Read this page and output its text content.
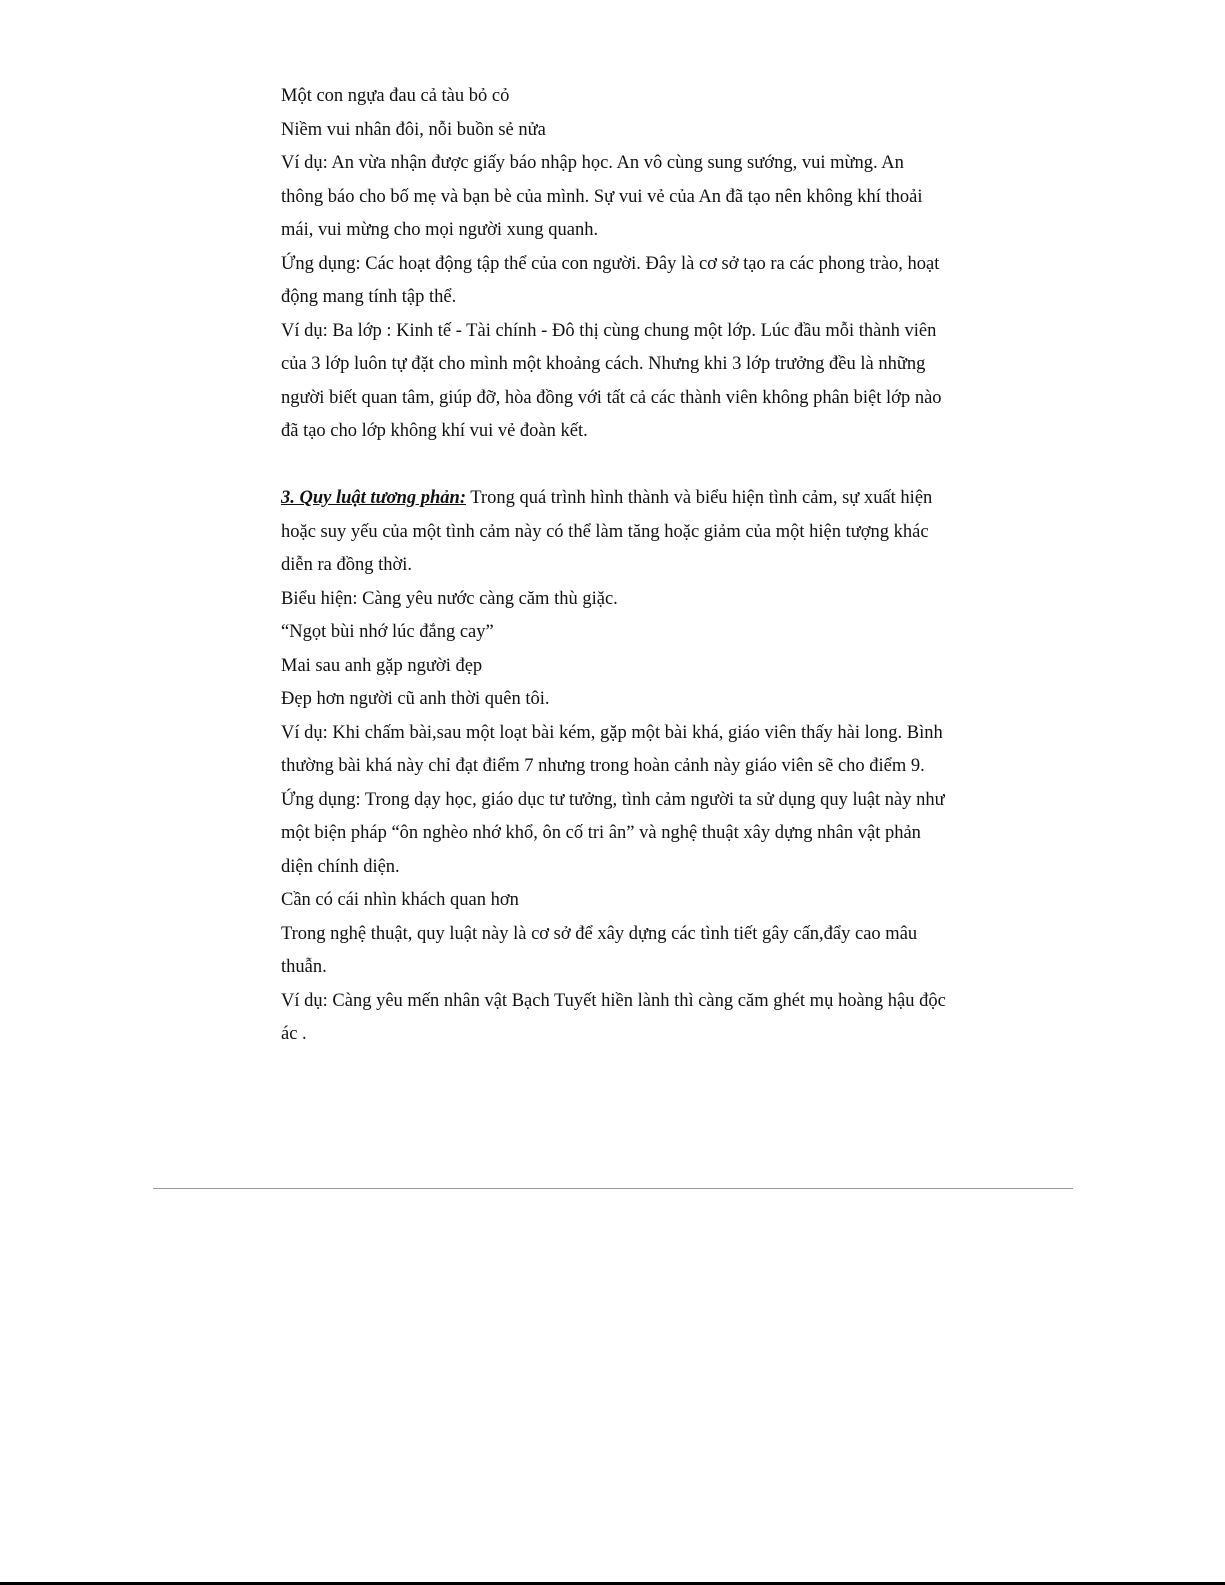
Một con ngựa đau cả tàu bỏ cỏ
Niềm vui nhân đôi, nỗi buồn sẻ nửa
Ví dụ: An vừa nhận được giấy báo nhập học. An vô cùng sung sướng, vui mừng. An
thông báo cho bố mẹ và bạn bè của mình. Sự vui vẻ của An đã tạo nên không khí thoải
mái, vui mừng cho mọi người xung quanh.
Ứng dụng: Các hoạt động tập thể của con người. Đây là cơ sở tạo ra các phong trào, hoạt
động mang tính tập thể.
Ví dụ: Ba lớp : Kinh tế - Tài chính - Đô thị cùng chung một lớp. Lúc đầu mỗi thành viên
của 3 lớp luôn tự đặt cho mình một khoảng cách. Nhưng khi 3 lớp trưởng đều là những
người biết quan tâm, giúp đỡ, hòa đồng với tất cả các thành viên không phân biệt lớp nào
đã tạo cho lớp không khí vui vẻ đoàn kết.
3. Quy luật tương phản: Trong quá trình hình thành và biểu hiện tình cảm, sự xuất hiện
hoặc suy yếu của một tình cảm này có thể làm tăng hoặc giảm của một hiện tượng khác
diễn ra đồng thời.
Biểu hiện: Càng yêu nước càng căm thù giặc.
“Ngọt bùi nhớ lúc đắng cay”
Mai sau anh gặp người đẹp
Đẹp hơn người cũ anh thời quên tôi.
Ví dụ: Khi chấm bài,sau một loạt bài kém, gặp một bài khá, giáo viên thấy hài long. Bình
thường bài khá này chỉ đạt điểm 7 nhưng trong hoàn cảnh này giáo viên sẽ cho điểm 9.
Ứng dụng: Trong dạy học, giáo dục tư tưởng, tình cảm người ta sử dụng quy luật này như
một biện pháp “ôn nghèo nhớ khổ, ôn cố tri ân” và nghệ thuật xây dựng nhân vật phản
diện chính diện.
Cần có cái nhìn khách quan hơn
Trong nghệ thuật, quy luật này là cơ sở để xây dựng các tình tiết gây cấn,đẩy cao mâu
thuẫn.
Ví dụ: Càng yêu mến nhân vật Bạch Tuyết hiền lành thì càng căm ghét mụ hoàng hậu độc
ác .
